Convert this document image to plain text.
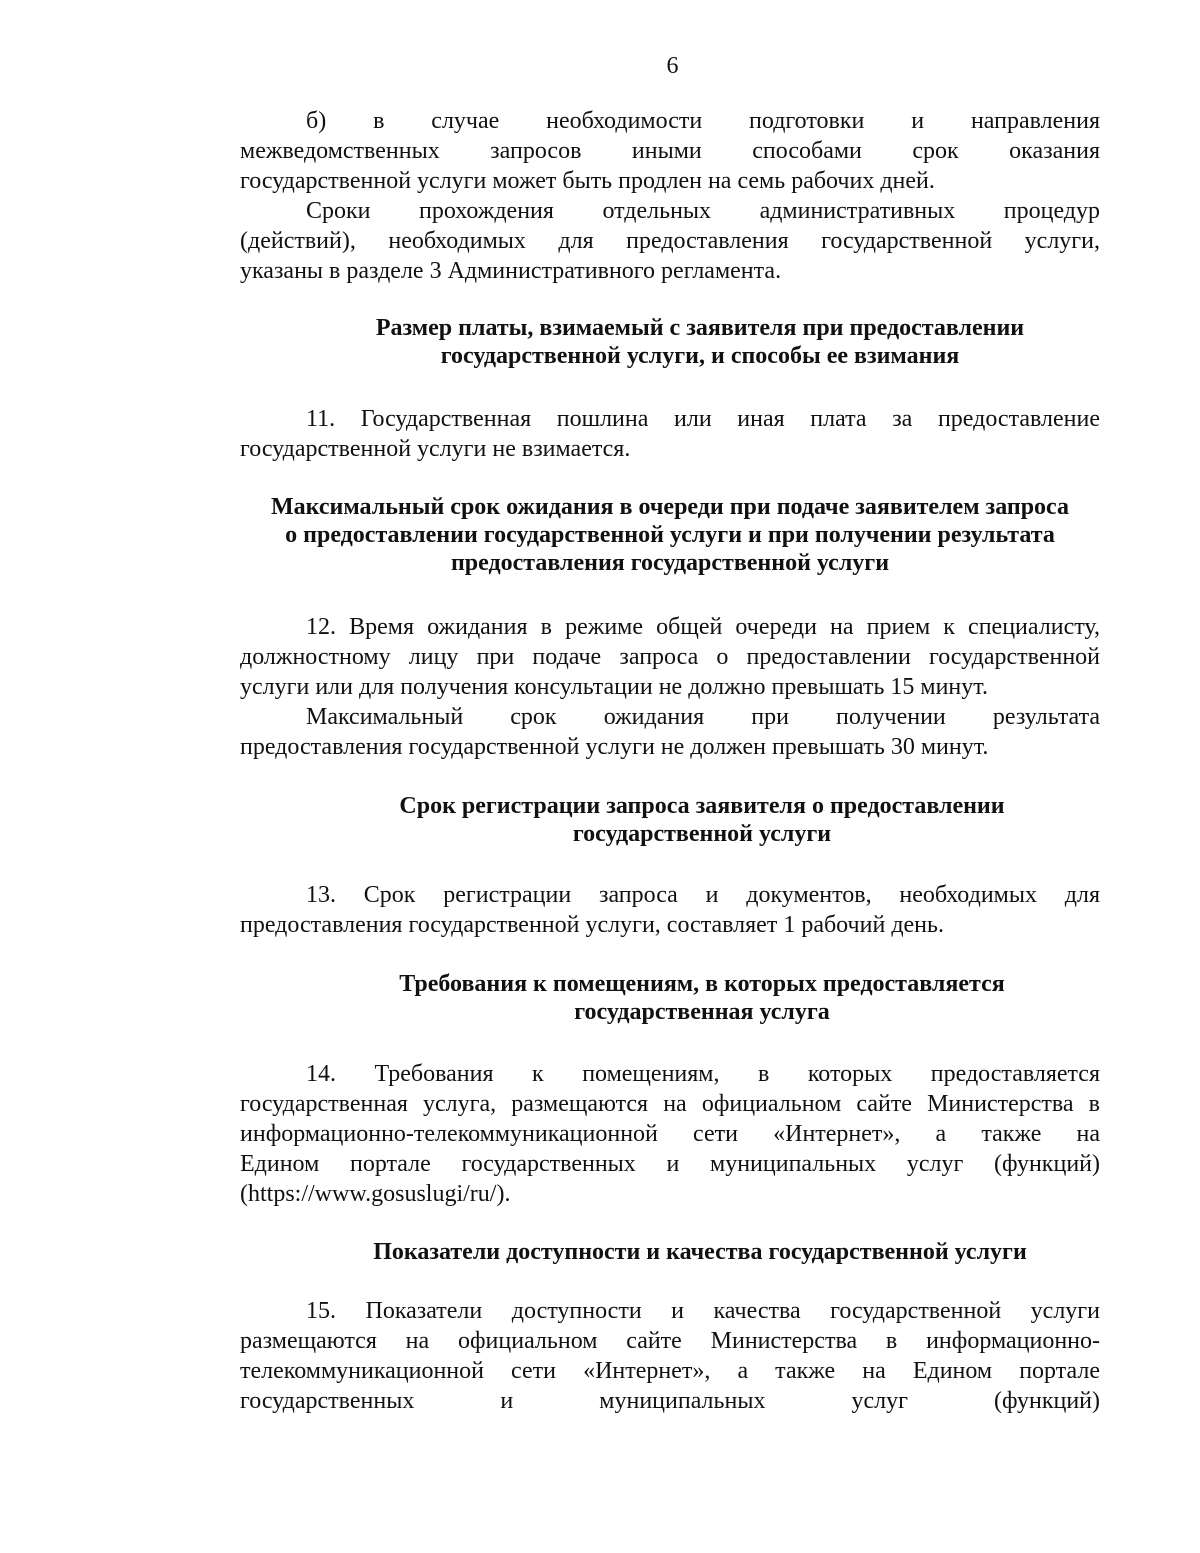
6
б) в случае необходимости подготовки и направления
межведомственных запросов иными способами срок оказания
государственной услуги может быть продлен на семь рабочих дней.
Сроки прохождения отдельных административных процедур
(действий), необходимых для предоставления государственной услуги,
указаны в разделе 3 Административного регламента.
Размер платы, взимаемый с заявителя при предоставлении
государственной услуги, и способы ее взимания
11. Государственная пошлина или иная плата за предоставление
государственной услуги не взимается.
Максимальный срок ожидания в очереди при подаче заявителем запроса
о предоставлении государственной услуги и при получении результата
предоставления государственной услуги
12. Время ожидания в режиме общей очереди на прием к специалисту,
должностному лицу при подаче запроса о предоставлении государственной
услуги или для получения консультации не должно превышать 15 минут.
Максимальный срок ожидания при получении результата
предоставления государственной услуги не должен превышать 30 минут.
Срок регистрации запроса заявителя о предоставлении
государственной услуги
13. Срок регистрации запроса и документов, необходимых для
предоставления государственной услуги, составляет 1 рабочий день.
Требования к помещениям, в которых предоставляется
государственная услуга
14. Требования к помещениям, в которых предоставляется
государственная услуга, размещаются на официальном сайте Министерства в
информационно-телекоммуникационной сети «Интернет», а также на
Едином портале государственных и муниципальных услуг (функций)
(https://www.gosuslugi/ru/).
Показатели доступности и качества государственной услуги
15. Показатели доступности и качества государственной услуги
размещаются на официальном сайте Министерства в информационно-
телекоммуникационной сети «Интернет», а также на Едином портале
государственных и муниципальных услуг (функций)
